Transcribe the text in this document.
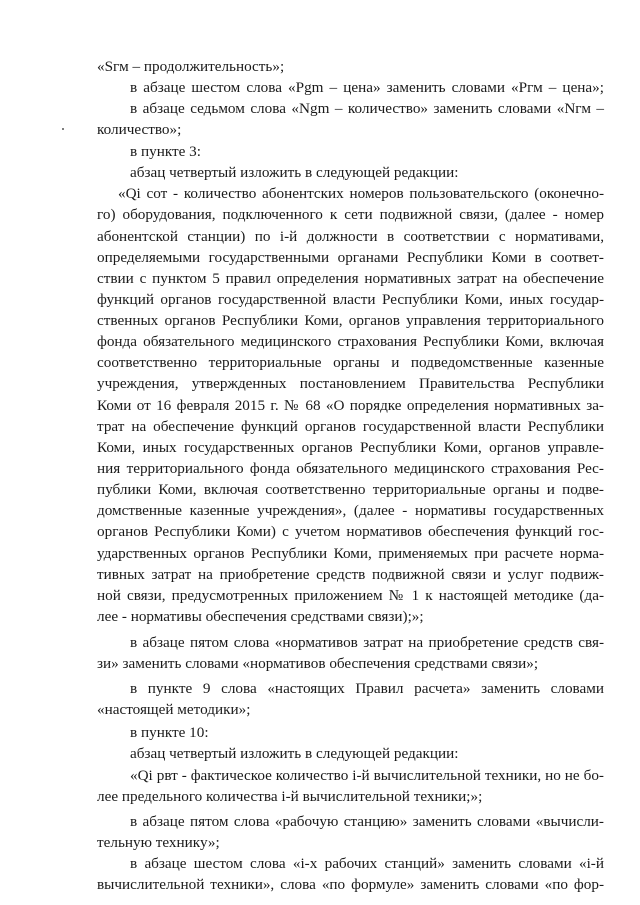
«Sгм – продолжительность»;
в абзаце шестом слова «Pgm – цена» заменить словами «Pгм – цена»;
в абзаце седьмом слова «Ngm – количество» заменить словами «Nгм –
количество»;
в пункте 3:
абзац четвертый изложить в следующей редакции:
«Qi сот - количество абонентских номеров пользовательского (оконечно-
го) оборудования, подключенного к сети подвижной связи, (далее - номер
абонентской станции) по i-й должности в соответствии с нормативами,
определяемыми государственными органами Республики Коми в соответ-
ствии с пунктом 5 правил определения нормативных затрат на обеспечение
функций органов государственной власти Республики Коми, иных государ-
ственных органов Республики Коми, органов управления территориального
фонда обязательного медицинского страхования Республики Коми, включая
соответственно территориальные органы и подведомственные казенные
учреждения, утвержденных постановлением Правительства Республики
Коми от 16 февраля 2015 г. № 68 «О порядке определения нормативных за-
трат на обеспечение функций органов государственной власти Республики
Коми, иных государственных органов Республики Коми, органов управле-
ния территориального фонда обязательного медицинского страхования Рес-
публики Коми, включая соответственно территориальные органы и подве-
домственные казенные учреждения», (далее - нормативы государственных
органов Республики Коми) с учетом нормативов обеспечения функций гос-
ударственных органов Республики Коми, применяемых при расчете норма-
тивных затрат на приобретение средств подвижной связи и услуг подвиж-
ной связи, предусмотренных приложением № 1 к настоящей методике (да-
лее - нормативы обеспечения средствами связи);»;
в абзаце пятом слова «нормативов затрат на приобретение средств свя-
зи» заменить словами «нормативов обеспечения средствами связи»;
в пункте 9 слова «настоящих Правил расчета» заменить словами
«настоящей методики»;
в пункте 10:
абзац четвертый изложить в следующей редакции:
«Qi рвт - фактическое количество i-й вычислительной техники, но не бо-
лее предельного количества i-й вычислительной техники;»;
в абзаце пятом слова «рабочую станцию» заменить словами «вычисли-
тельную технику»;
в абзаце шестом слова «i-х рабочих станций» заменить словами «i-й
вычислительной техники», слова «по формуле» заменить словами «по фор-
